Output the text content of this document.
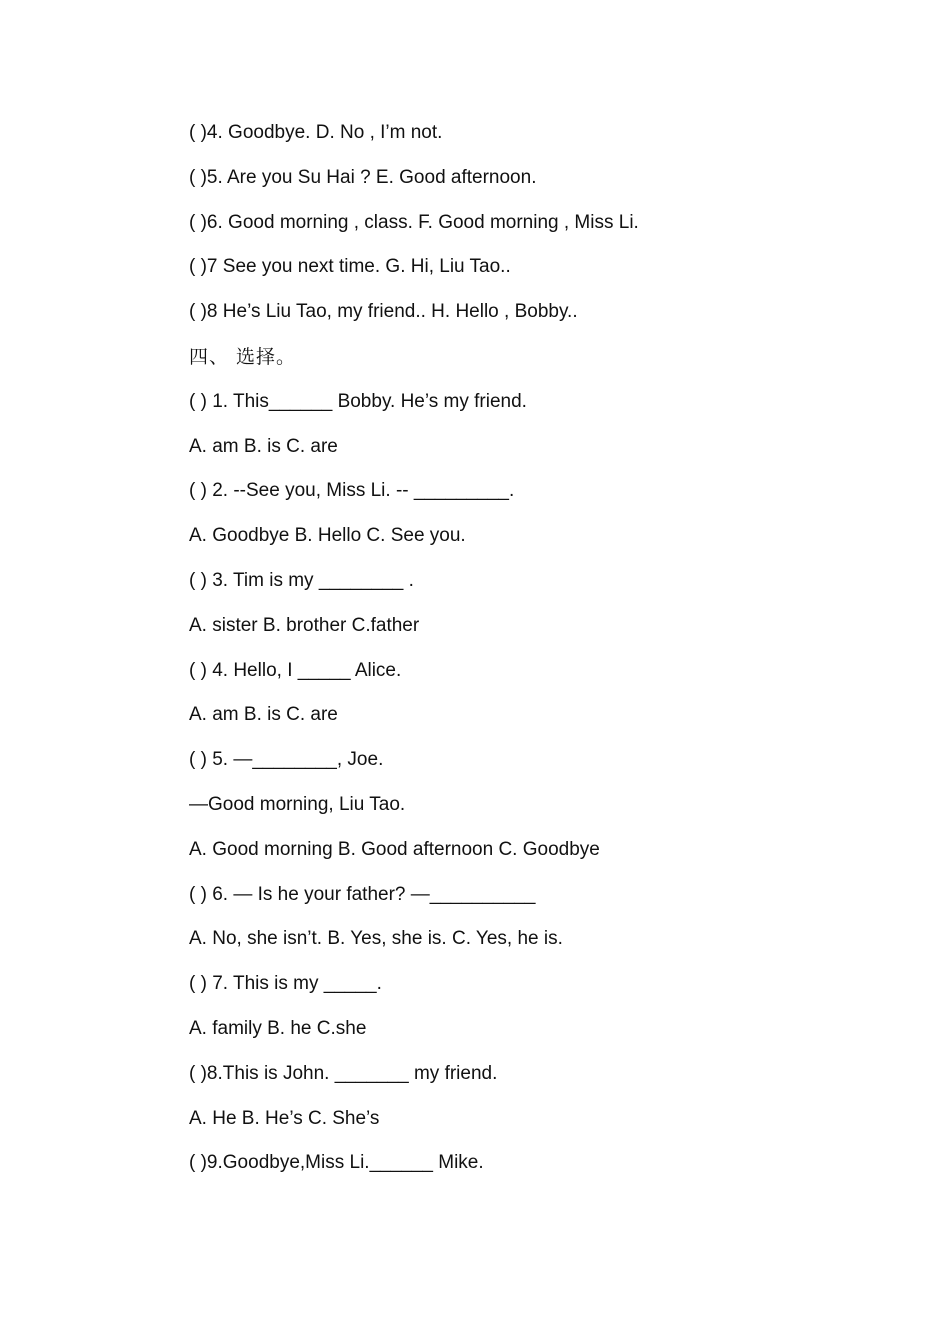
( )4. Goodbye. D. No , I’m not.
( )5. Are you Su Hai ? E. Good afternoon.
( )6. Good morning , class. F. Good morning , Miss Li.
( )7 See you next time. G. Hi, Liu Tao..
( )8 He’s Liu Tao, my friend.. H. Hello , Bobby..
四、 选择。
( ) 1. This______ Bobby. He’s my friend.
A. am B. is C. are
( ) 2. --See you, Miss Li. -- _________.
A. Goodbye B. Hello C. See you.
( ) 3. Tim is my ________ .
A. sister B. brother C.father
( ) 4. Hello, I _____ Alice.
A. am B. is C. are
( ) 5. —________, Joe.
—Good morning, Liu Tao.
A. Good morning B. Good afternoon C. Goodbye
( ) 6. — Is he your father? —__________
A. No, she isn’t. B. Yes, she is. C. Yes, he is.
( ) 7. This is my _____.
A. family B. he C.she
( )8.This is John. _______ my friend.
A. He B. He’s C. She’s
( )9.Goodbye,Miss Li.______ Mike.
